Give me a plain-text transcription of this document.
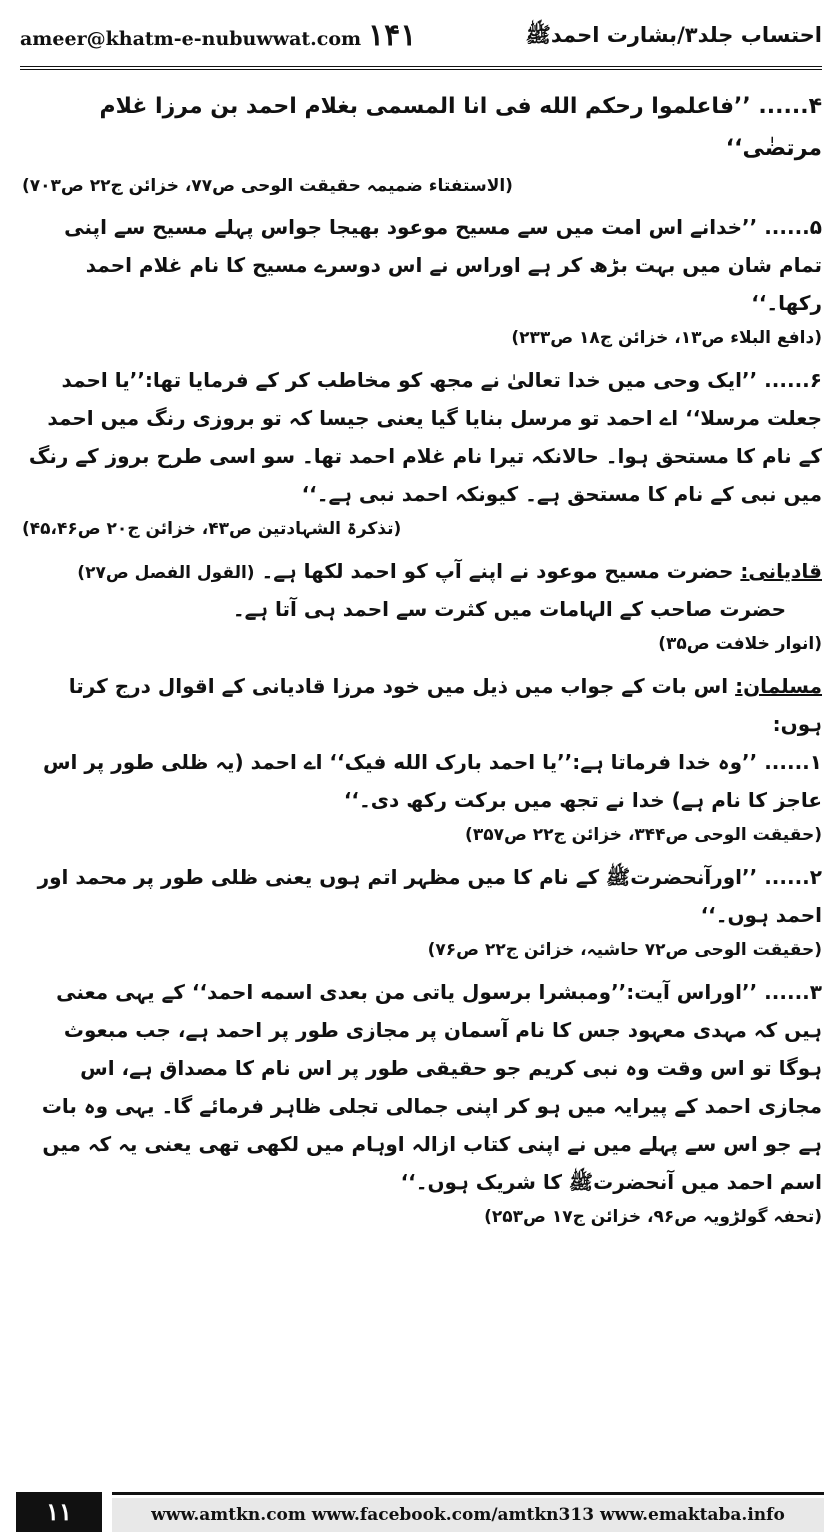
ameer@khatm-e-nubuwwat.com ۱۴۱	احتساب جلد۳/بشارت احمدﷺ

۴...... ’’فاعلموا رحکم الله فی انا المسمی بغلام احمد بن مرزا غلام مرتضٰی‘‘

(الاستفتاء ضمیمہ حقیقت الوحی ص۷۷، خزائن ج۲۲ ص۷۰۳)

۵...... ’’خدانے اس امت میں سے مسیح موعود بھیجا جواس پہلے مسیح سے اپنی تمام شان میں بہت بڑھ کر ہے اوراس نے اس دوسرے مسیح کا نام غلام احمد رکھا۔‘‘

(دافع البلاء ص۱۳، خزائن ج۱۸ ص۲۳۳)

۶...... ’’ایک وحی میں خدا تعالیٰ نے مجھ کو مخاطب کر کے فرمایا تھا:’’یا احمد جعلت مرسلا‘‘ اے احمد تو مرسل بنایا گیا یعنی جیسا کہ تو بروزی رنگ میں احمد کے نام کا مستحق ہوا۔ حالانکہ تیرا نام غلام احمد تھا۔ سو اسی طرح بروز کے رنگ میں نبی کے نام کا مستحق ہے۔ کیونکہ احمد نبی ہے۔‘‘

(تذکرۃ الشہادتین ص۴۳، خزائن ج۲۰ ص۴۵،۴۶)

قادیانی: حضرت مسیح موعود نے اپنے آپ کو احمد لکھا ہے۔ (القول الفصل ص۲۷)

حضرت صاحب کے الہامات میں کثرت سے احمد ہی آتا ہے۔

(انوار خلافت ص۳۵)

مسلمان: اس بات کے جواب میں ذیل میں خود مرزا قادیانی کے اقوال درج کرتا ہوں:

۱...... ’’وہ خدا فرماتا ہے:’’یا احمد بارک الله فیک‘‘ اے احمد (یہ ظلی طور پر اس عاجز کا نام ہے) خدا نے تجھ میں برکت رکھ دی۔‘‘

(حقیقت الوحی ص۳۴۴، خزائن ج۲۲ ص۳۵۷)

۲...... ’’اورآنحضرتﷺ کے نام کا میں مظہر اتم ہوں یعنی ظلی طور پر محمد اور احمد ہوں۔‘‘

(حقیقت الوحی ص۷۲ حاشیہ، خزائن ج۲۲ ص۷۶)

۳...... ’’اوراس آیت:’’ومبشرا برسول یاتی من بعدی اسمه احمد‘‘ کے یہی معنی ہیں کہ مہدی معہود جس کا نام آسمان پر مجازی طور پر احمد ہے، جب مبعوث ہوگا تو اس وقت وہ نبی کریم جو حقیقی طور پر اس نام کا مصداق ہے، اس مجازی احمد کے پیرایہ میں ہو کر اپنی جمالی تجلی ظاہر فرمائے گا۔ یہی وہ بات ہے جو اس سے پہلے میں نے اپنی کتاب ازالہ اوہام میں لکھی تھی یعنی یہ کہ میں اسم احمد میں آنحضرتﷺ کا شریک ہوں۔‘‘

(تحفہ گولڑویہ ص۹۶، خزائن ج۱۷ ص۲۵۳)

۱۱	www.amtkn.com www.facebook.com/amtkn313 www.emaktaba.info
